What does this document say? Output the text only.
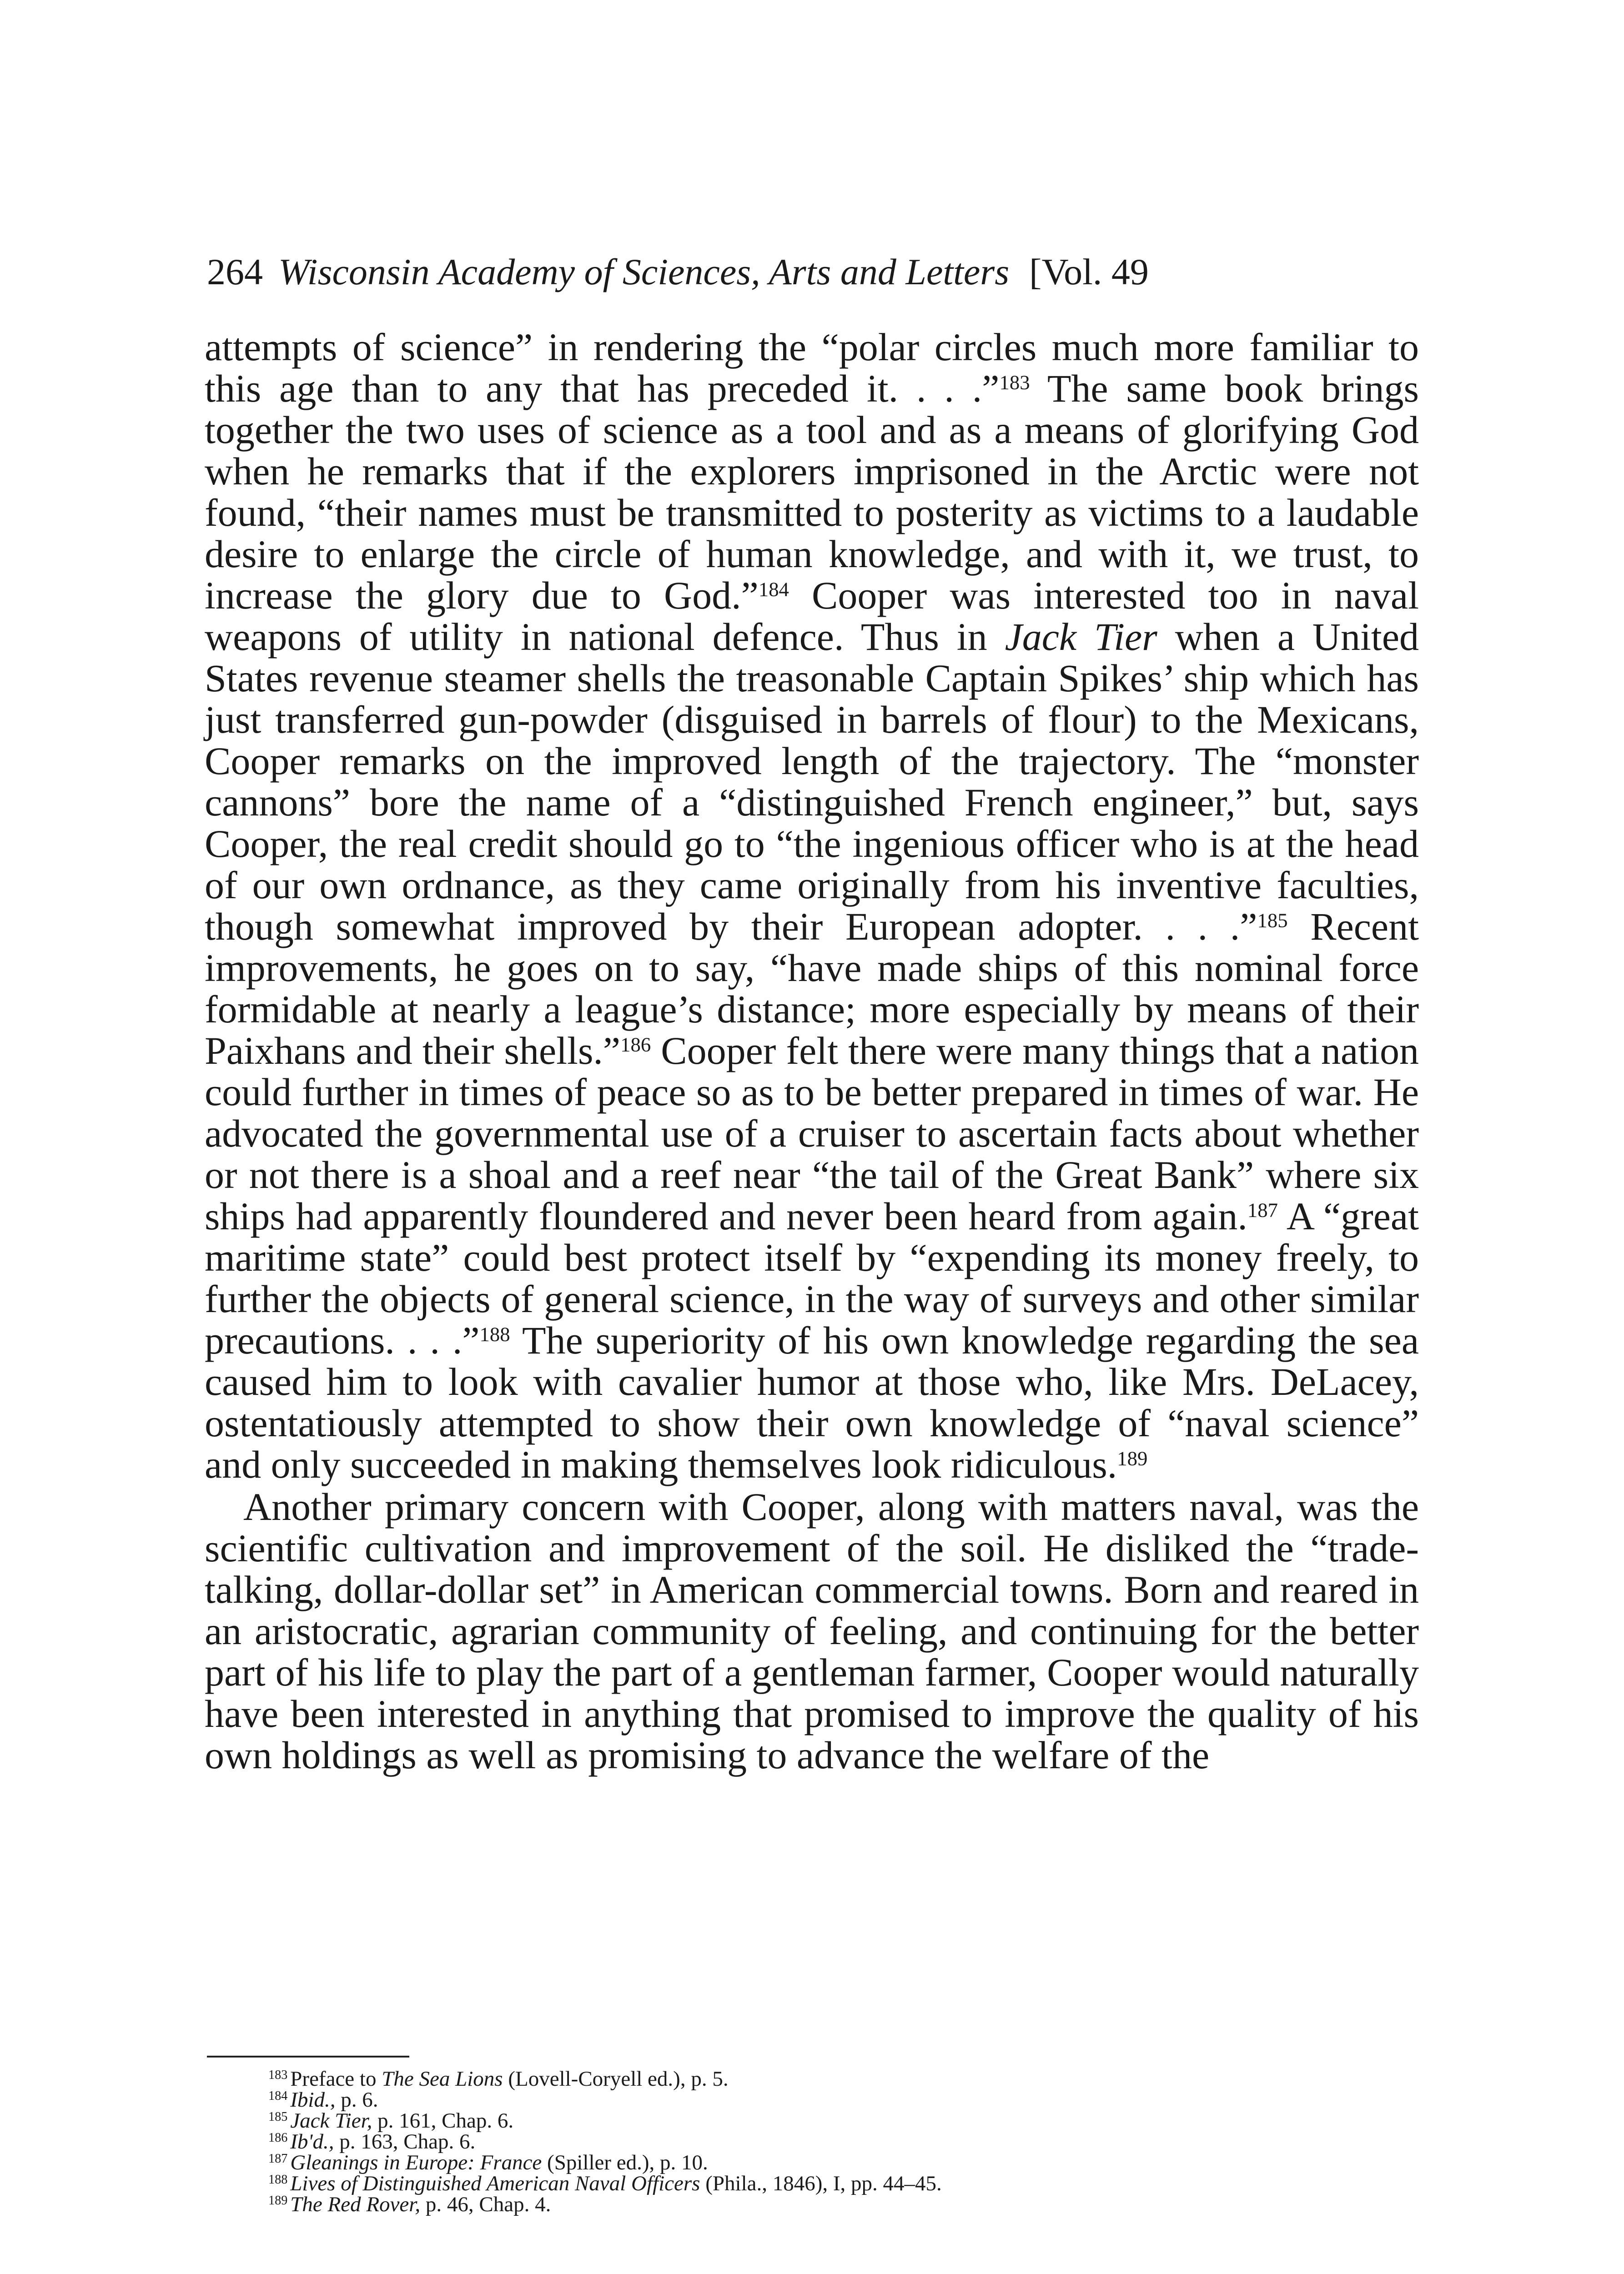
264 Wisconsin Academy of Sciences, Arts and Letters [Vol. 49

attempts of science” in rendering the “polar circles much more familiar to this age than to any that has preceded it. . . .”$^{183}$ The same book brings together the two uses of science as a tool and as a means of glorifying God when he remarks that if the explorers imprisoned in the Arctic were not found, “their names must be transmitted to posterity as victims to a laudable desire to enlarge the circle of human knowledge, and with it, we trust, to increase the glory due to God.”$^{184}$ Cooper was interested too in naval weapons of utility in national defence. Thus in Jack Tier when a United States revenue steamer shells the treasonable Captain Spikes’ ship which has just transferred gun-powder (disguised in barrels of flour) to the Mexicans, Cooper remarks on the improved length of the trajectory. The “monster cannons” bore the name of a “distinguished French engineer,” but, says Cooper, the real credit should go to “the ingenious officer who is at the head of our own ordnance, as they came originally from his inventive faculties, though somewhat improved by their European adopter. . . .”$^{185}$ Recent improvements, he goes on to say, “have made ships of this nominal force formidable at nearly a league’s distance; more especially by means of their Paixhans and their shells.”$^{186}$ Cooper felt there were many things that a nation could further in times of peace so as to be better prepared in times of war. He advocated the governmental use of a cruiser to ascertain facts about whether or not there is a shoal and a reef near “the tail of the Great Bank” where six ships had apparently floundered and never been heard from again.$^{187}$ A “great maritime state” could best protect itself by “expending its money freely, to further the objects of general science, in the way of surveys and other similar precautions. . . .”$^{188}$ The superiority of his own knowledge regarding the sea caused him to look with cavalier humor at those who, like Mrs. DeLacey, ostentatiously attempted to show their own knowledge of “naval science” and only succeeded in making themselves look ridiculous.$^{189}$

Another primary concern with Cooper, along with matters naval, was the scientific cultivation and improvement of the soil. He disliked the “trade-talking, dollar-dollar set” in American commercial towns. Born and reared in an aristocratic, agrarian community of feeling, and continuing for the better part of his life to play the part of a gentleman farmer, Cooper would naturally have been interested in anything that promised to improve the quality of his own holdings as well as promising to advance the welfare of the

$^{183}$ Preface to The Sea Lions (Lovell-Coryell ed.), p. 5.
$^{184}$ Ibid., p. 6.
$^{185}$ Jack Tier, p. 161, Chap. 6.
$^{186}$ Ib'd., p. 163, Chap. 6.
$^{187}$ Gleanings in Europe: France (Spiller ed.), p. 10.
$^{188}$ Lives of Distinguished American Naval Officers (Phila., 1846), I, pp. 44–45.
$^{189}$ The Red Rover, p. 46, Chap. 4.
